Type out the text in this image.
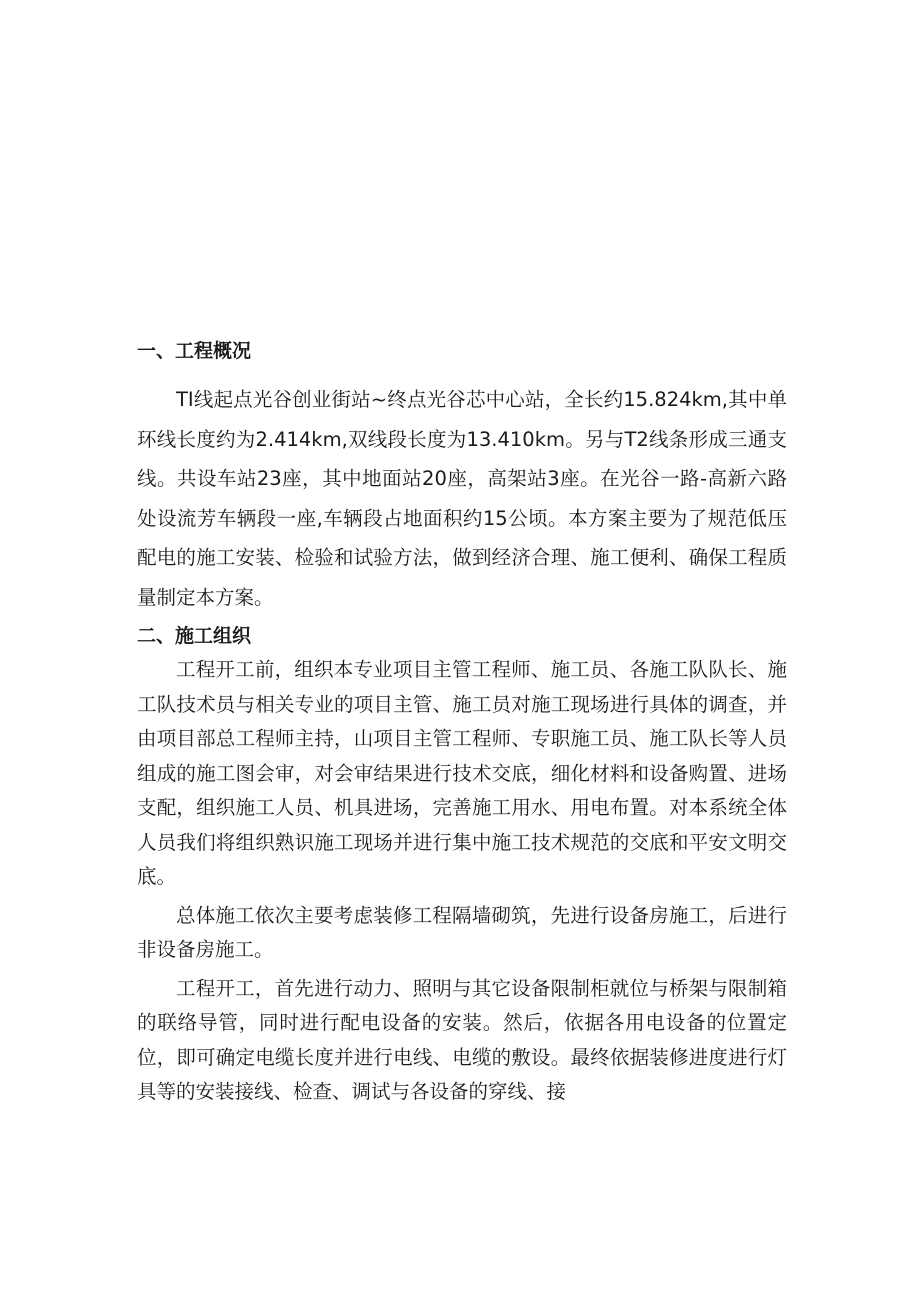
一、工程概况

TI线起点光谷创业街站~终点光谷芯中心站，全长约15.824km,其中单环线长度约为2.414km,双线段长度为13.410km。另与T2线条形成三通支线。共设车站23座，其中地面站20座，高架站3座。在光谷一路-高新六路处设流芳车辆段一座,车辆段占地面积约15公顷。本方案主要为了规范低压配电的施工安装、检验和试验方法，做到经济合理、施工便利、确保工程质量制定本方案。

二、施工组织

工程开工前，组织本专业项目主管工程师、施工员、各施工队队长、施工队技术员与相关专业的项目主管、施工员对施工现场进行具体的调查，并由项目部总工程师主持，山项目主管工程师、专职施工员、施工队长等人员组成的施工图会审，对会审结果进行技术交底，细化材料和设备购置、进场支配，组织施工人员、机具进场，完善施工用水、用电布置。对本系统全体人员我们将组织熟识施工现场并进行集中施工技术规范的交底和平安文明交底。

总体施工依次主要考虑装修工程隔墙砌筑，先进行设备房施工，后进行非设备房施工。

工程开工，首先进行动力、照明与其它设备限制柜就位与桥架与限制箱的联络导管，同时进行配电设备的安装。然后，依据各用电设备的位置定位，即可确定电缆长度并进行电线、电缆的敷设。最终依据装修进度进行灯具等的安装接线、检查、调试与各设备的穿线、接
